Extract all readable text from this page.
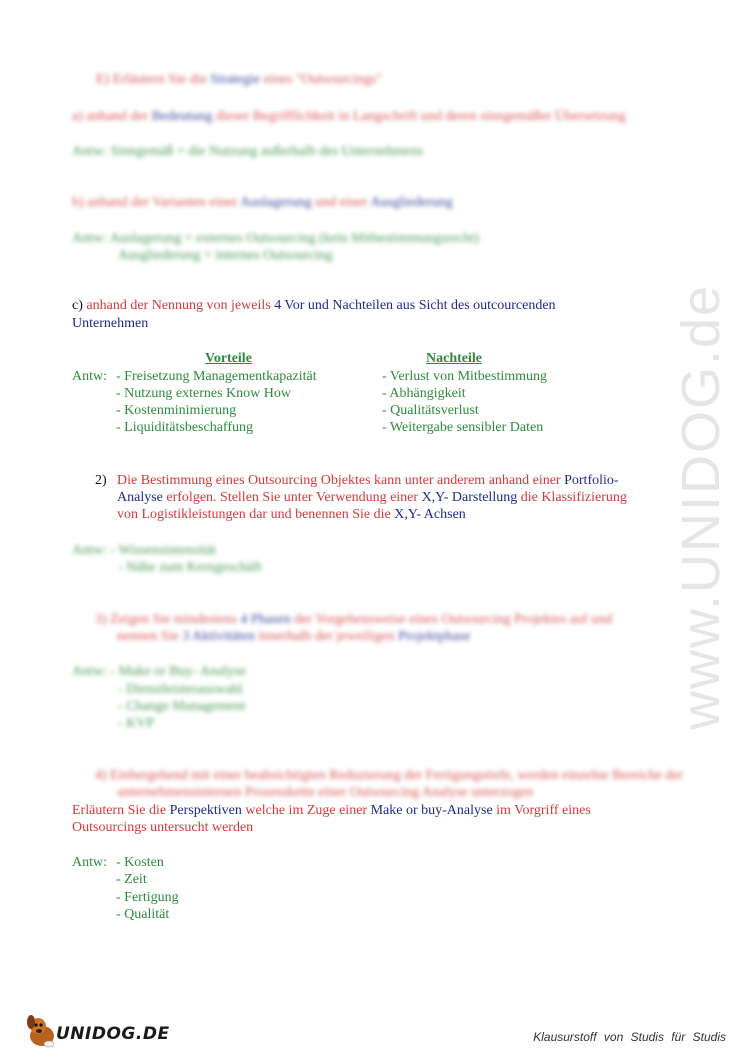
www.UNIDOG.de
E) Erläutern Sie die Strategie eines "Outsourcings"
a) anhand der Bedeutung dieser Begrifflichkeit in Langschrift und deren sinngemäßer Übersetzung
Antw: Sinngemäß = die Nutzung außerhalb des Unternehmens
b) anhand der Varianten einer Auslagerung und einer Ausgliederung
Antw: Auslagerung = externes Outsourcing (kein Mitbestimmungsrecht)
Ausgliederung = internes Outsourcing
c) anhand der Nennung von jeweils 4 Vor und Nachteilen aus Sicht des outcourcenden
Unternehmen
Vorteile	Nachteile
Antw: - Freisetzung Managementkapazität
- Nutzung externes Know How
- Kostenminimierung
- Liquiditätsbeschaffung
- Verlust von Mitbestimmung
- Abhängigkeit
- Qualitätsverlust
- Weitergabe sensibler Daten
2) Die Bestimmung eines Outsourcing Objektes kann unter anderem anhand einer Portfolio-
Analyse erfolgen. Stellen Sie unter Verwendung einer X,Y- Darstellung die Klassifizierung
von Logistikleistungen dar und benennen Sie die X,Y- Achsen
Antw: - Wissensintensität
- Nähe zum Kerngeschäft
3) Zeigen Sie mindestens 4 Phasen der Vorgehensweise eines Outsourcing Projektes auf und
nennen Sie 3 Aktivitäten innerhalb der jeweiligen Projektphase
Antw: - Make or Buy- Analyse
- Dienstleisterauswahl
- Change Management
- KVP
4) Einhergehend mit einer beabsichtigten Reduzierung der Fertigungstiefe, werden einzelne Bereiche der
unternehmensinternen Prozesskette einer Outsourcing Analyse unterzogen
Erläutern Sie die Perspektiven welche im Zuge einer Make or buy-Analyse im Vorgriff eines
Outsourcings untersucht werden
Antw: - Kosten
- Zeit
- Fertigung
- Qualität
UNIDOG.DE	Klausurstoff von Studis für Studis
